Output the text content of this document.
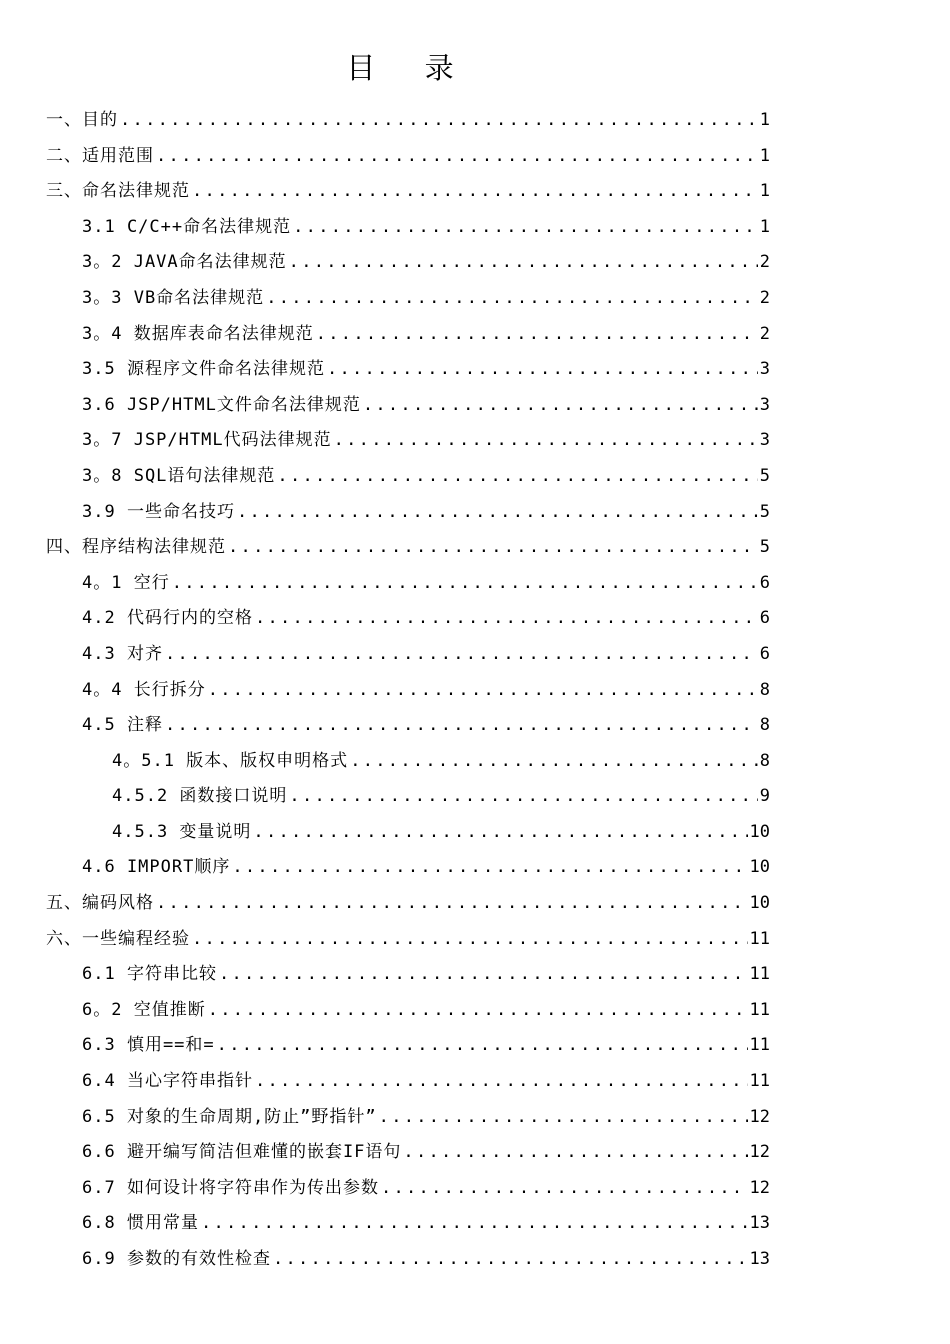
目 录
一、目的 .....	1
二、适用范围 .....	1
三、命名法律规范 .....	1
3.1 C/C++命名法律规范 .....	1
3。2 JAVA命名法律规范 .....	2
3。3 VB命名法律规范 .....	2
3。4 数据库表命名法律规范 .....	2
3.5 源程序文件命名法律规范 .....	3
3.6 JSP/HTML文件命名法律规范 .....	3
3。7 JSP/HTML代码法律规范 .....	3
3。8 SQL语句法律规范 .....	5
3.9 一些命名技巧 .....	5
四、程序结构法律规范 .....	5
4。1 空行 .....	6
4.2 代码行内的空格 .....	6
4.3 对齐 .....	6
4。4 长行拆分 .....	8
4.5 注释 .....	8
4。5.1 版本、版权申明格式 .....	8
4.5.2 函数接口说明 .....	9
4.5.3 变量说明 .....	10
4.6 IMPORT顺序 .....	10
五、编码风格 .....	10
六、一些编程经验 .....	11
6.1 字符串比较 .....	11
6。2 空值推断 .....	11
6.3 慎用==和= .....	11
6.4 当心字符串指针 .....	11
6.5 对象的生命周期,防止”野指针” .....	12
6.6 避开编写简洁但难懂的嵌套IF语句 .....	12
6.7 如何设计将字符串作为传出参数 .....	12
6.8 惯用常量 .....	13
6.9 参数的有效性检查 .....	13
